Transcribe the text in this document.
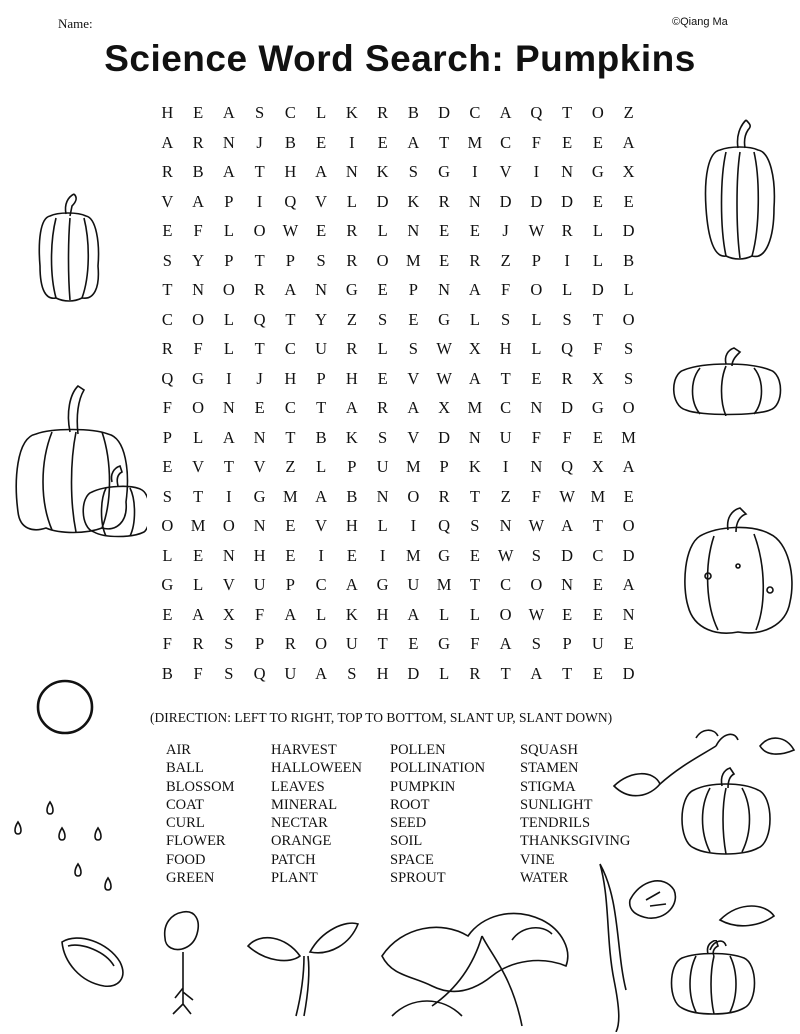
Name:	©Qiang Ma
Science Word Search: Pumpkins
H	E	A	S	C	L	K	R	B	D	C	A	Q	T	O	Z
A	R	N	J	B	E	I	E	A	T	M	C	F	E	E	A
R	B	A	T	H	A	N	K	S	G	I	V	I	N	G	X
V	A	P	I	Q	V	L	D	K	R	N	D	D	D	E	E
E	F	L	O	W	E	R	L	N	E	E	J	W	R	L	D
S	Y	P	T	P	S	R	O	M	E	R	Z	P	I	L	B
T	N	O	R	A	N	G	E	P	N	A	F	O	L	D	L
C	O	L	Q	T	Y	Z	S	E	G	L	S	L	S	T	O
R	F	L	T	C	U	R	L	S	W	X	H	L	Q	F	S
Q	G	I	J	H	P	H	E	V	W	A	T	E	R	X	S
F	O	N	E	C	T	A	R	A	X	M	C	N	D	G	O
P	L	A	N	T	B	K	S	V	D	N	U	F	F	E	M
E	V	T	V	Z	L	P	U	M	P	K	I	N	Q	X	A
S	T	I	G	M	A	B	N	O	R	T	Z	F	W M	E
O	M	O	N	E	V	H	L	I	Q	S	N	W	A	T	O
L	E	N	H	E	I	E	I	M	G	E	W	S	D	C	D
G	L	V	U	P	C	A	G	U	M	T	C	O	N	E	A
E	A	X	F	A	L	K	H	A	L	L	O	W	E	E	N
F	R	S	P	R	O	U	T	E	G	F	A	S	P	U	E
B	F	S	Q	U	A	S	H	D	L	R	T	A	T	E	D
(DIRECTION: LEFT TO RIGHT, TOP TO BOTTOM, SLANT UP, SLANT DOWN)
AIR
BALL
BLOSSOM
COAT
CURL
FLOWER
FOOD
GREEN
HARVEST
HALLOWEEN
LEAVES
MINERAL
NECTAR
ORANGE
PATCH
PLANT
POLLEN
POLLINATION
PUMPKIN
ROOT
SEED
SOIL
SPACE
SPROUT
SQUASH
STAMEN
STIGMA
SUNLIGHT
TENDRILS
THANKSGIVING
VINE
WATER
